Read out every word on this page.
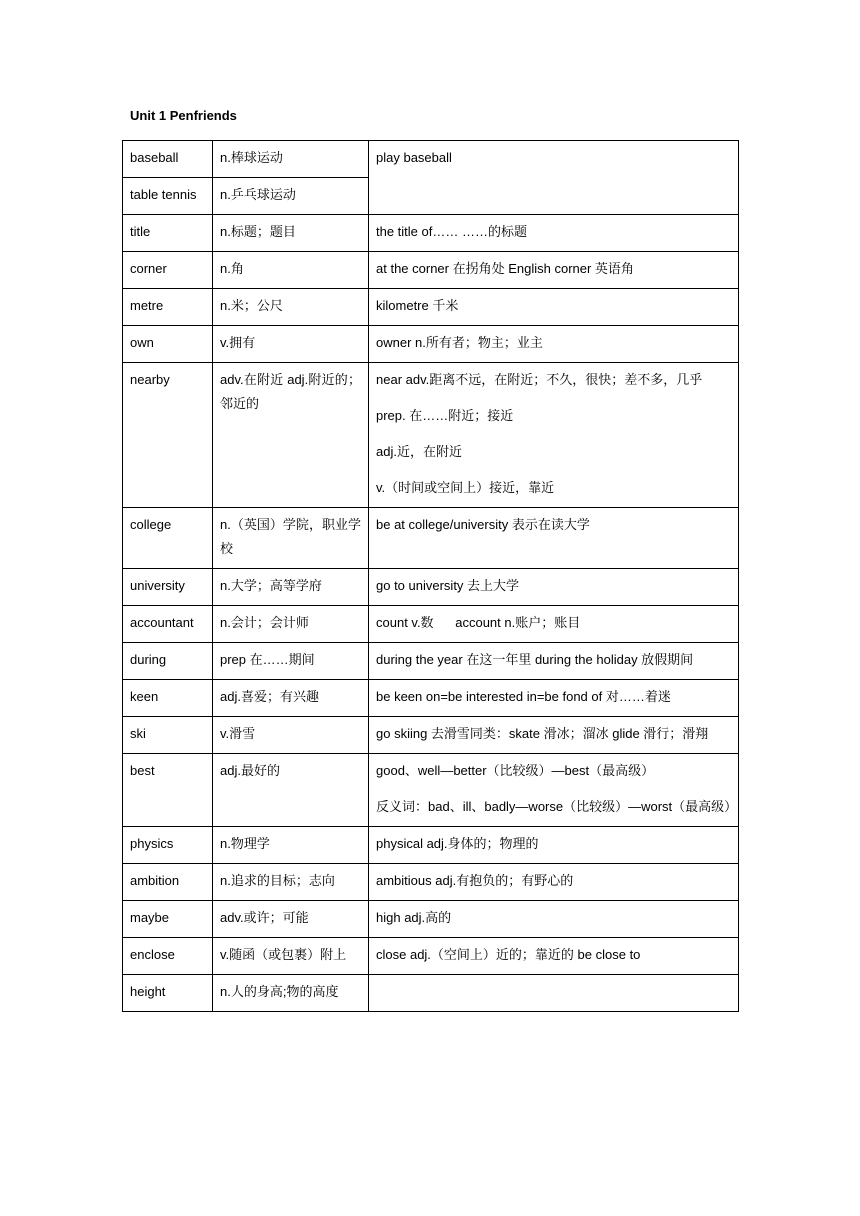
Unit 1 Penfriends
baseball	n.棒球运动	play baseball

table tennis	n.乒乓球运动	
title	n.标题；题目	the title of…… ……的标题

corner	n.角	at the corner 在拐角处 English corner 英语角

metre	n.米；公尺	kilometre 千米

own	v.拥有	owner n.所有者；物主；业主

nearby	adv.在附近 adj.附近的；邻近的	near adv.距离不远，在附近；不久，很快；差不多，几乎
prep. 在……附近；接近
adj.近，在附近
v.（时间或空间上）接近，靠近

college	n.（英国）学院，职业学校	be at college/university 表示在读大学

university	n.大学；高等学府	go to university 去上大学

accountant	n.会计；会计师	count v.数      account n.账户；账目

during	prep 在……期间	during the year 在这一年里 during the holiday 放假期间

keen	adj.喜爱；有兴趣	be keen on=be interested in=be fond of 对……着迷

ski	v.滑雪	go skiing 去滑雪同类：skate 滑冰；溜冰 glide 滑行；滑翔

best	adj.最好的	good、well—better（比较级）—best（最高级）
反义词：bad、ill、badly—worse（比较级）—worst（最高级）

physics	n.物理学	physical adj.身体的；物理的

ambition	n.追求的目标；志向	ambitious adj.有抱负的；有野心的

maybe	adv.或许；可能	high adj.高的

enclose	v.随函（或包裹）附上	close adj.（空间上）近的；靠近的 be close to

height	n.人的身高;物的高度	
